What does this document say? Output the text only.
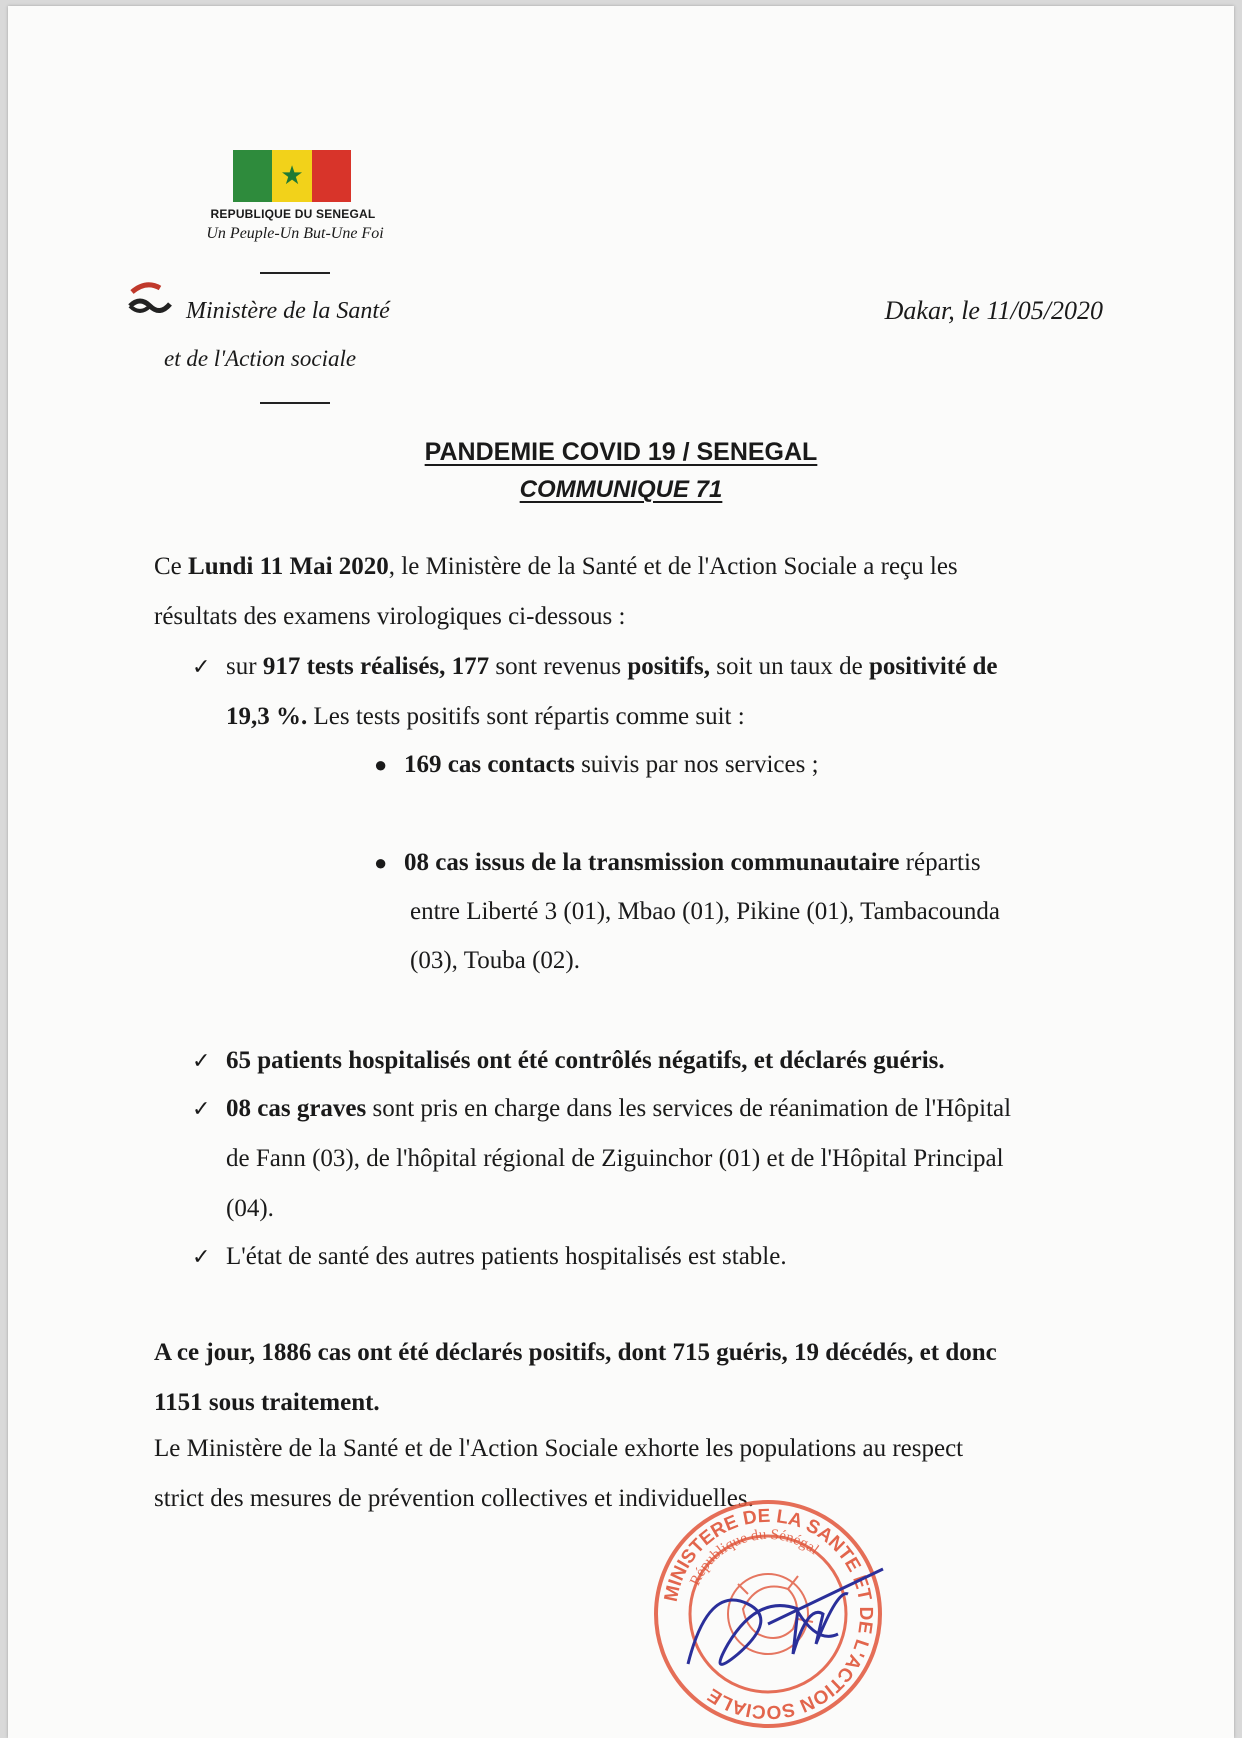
★
REPUBLIQUE DU SENEGAL
Un Peuple-Un But-Une Foi
Ministère de la Santé
et de l'Action sociale
Dakar, le 11/05/2020
PANDEMIE COVID 19 / SENEGAL
COMMUNIQUE 71
Ce Lundi 11 Mai 2020, le Ministère de la Santé et de l'Action Sociale a reçu les
résultats des examens virologiques ci-dessous :
✓ sur 917 tests réalisés, 177 sont revenus positifs, soit un taux de positivité de
19,3 %. Les tests positifs sont répartis comme suit :
● 169 cas contacts suivis par nos services ;
● 08 cas issus de la transmission communautaire répartis
entre Liberté 3 (01), Mbao (01), Pikine (01), Tambacounda
(03), Touba (02).
✓ 65 patients hospitalisés ont été contrôlés négatifs, et déclarés guéris.
✓ 08 cas graves sont pris en charge dans les services de réanimation de l'Hôpital
de Fann (03), de l'hôpital régional de Ziguinchor (01) et de l'Hôpital Principal
(04).
✓ L'état de santé des autres patients hospitalisés est stable.
A ce jour, 1886 cas ont été déclarés positifs, dont 715 guéris, 19 décédés, et donc
1151 sous traitement.
Le Ministère de la Santé et de l'Action Sociale exhorte les populations au respect
strict des mesures de prévention collectives et individuelles.
MINISTERE DE LA SANTE ET DE L'ACTION SOCIALE
République du Sénégal
